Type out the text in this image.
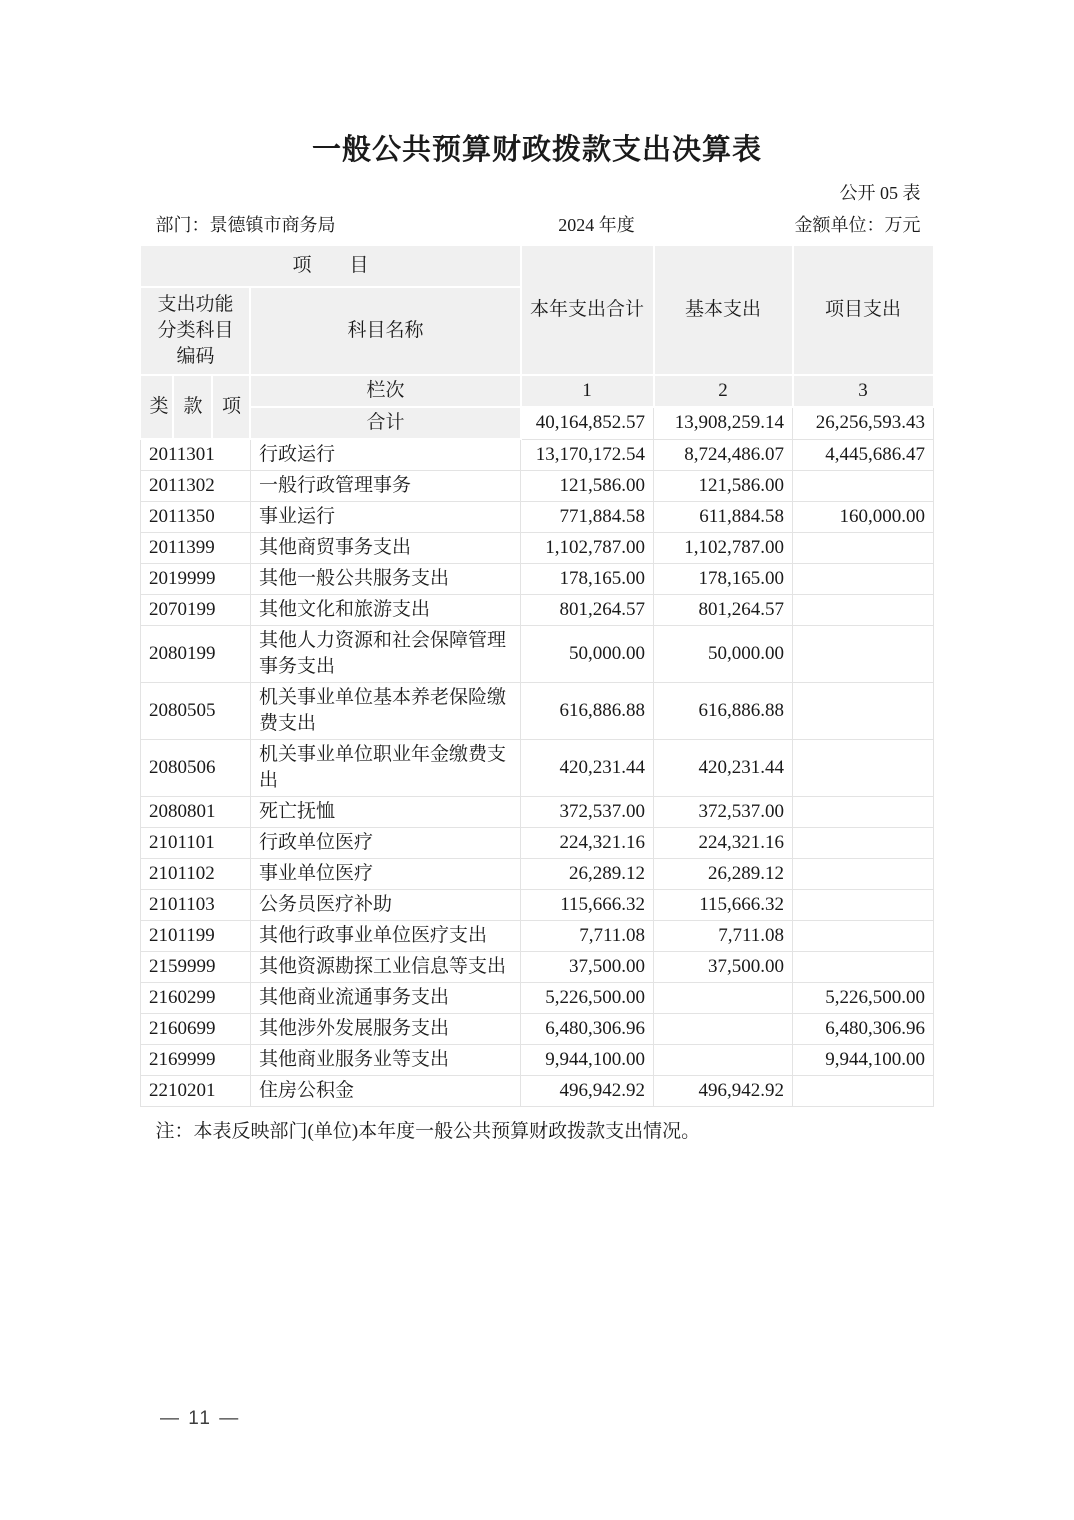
一般公共预算财政拨款支出决算表
公开 05 表
部门：景德镇市商务局	2024 年度	金额单位：万元
项　　目				本年支出合计	基本支出	项目支出
支出功能分类科目编码			科目名称			
类	款	项	栏次	1	2	3
			合计	40,164,852.57	13,908,259.14	26,256,593.43
2011301			行政运行	13,170,172.54	8,724,486.07	4,445,686.47
2011302			一般行政管理事务	121,586.00	121,586.00	
2011350			事业运行	771,884.58	611,884.58	160,000.00
2011399			其他商贸事务支出	1,102,787.00	1,102,787.00	
2019999			其他一般公共服务支出	178,165.00	178,165.00	
2070199			其他文化和旅游支出	801,264.57	801,264.57	
2080199			其他人力资源和社会保障管理事务支出	50,000.00	50,000.00	
2080505			机关事业单位基本养老保险缴费支出	616,886.88	616,886.88	
2080506			机关事业单位职业年金缴费支出	420,231.44	420,231.44	
2080801			死亡抚恤	372,537.00	372,537.00	
2101101			行政单位医疗	224,321.16	224,321.16	
2101102			事业单位医疗	26,289.12	26,289.12	
2101103			公务员医疗补助	115,666.32	115,666.32	
2101199			其他行政事业单位医疗支出	7,711.08	7,711.08	
2159999			其他资源勘探工业信息等支出	37,500.00	37,500.00	
2160299			其他商业流通事务支出	5,226,500.00		5,226,500.00
2160699			其他涉外发展服务支出	6,480,306.96		6,480,306.96
2169999			其他商业服务业等支出	9,944,100.00		9,944,100.00
2210201			住房公积金	496,942.92	496,942.92	

注：本表反映部门(单位)本年度一般公共预算财政拨款支出情况。

— 11 —
